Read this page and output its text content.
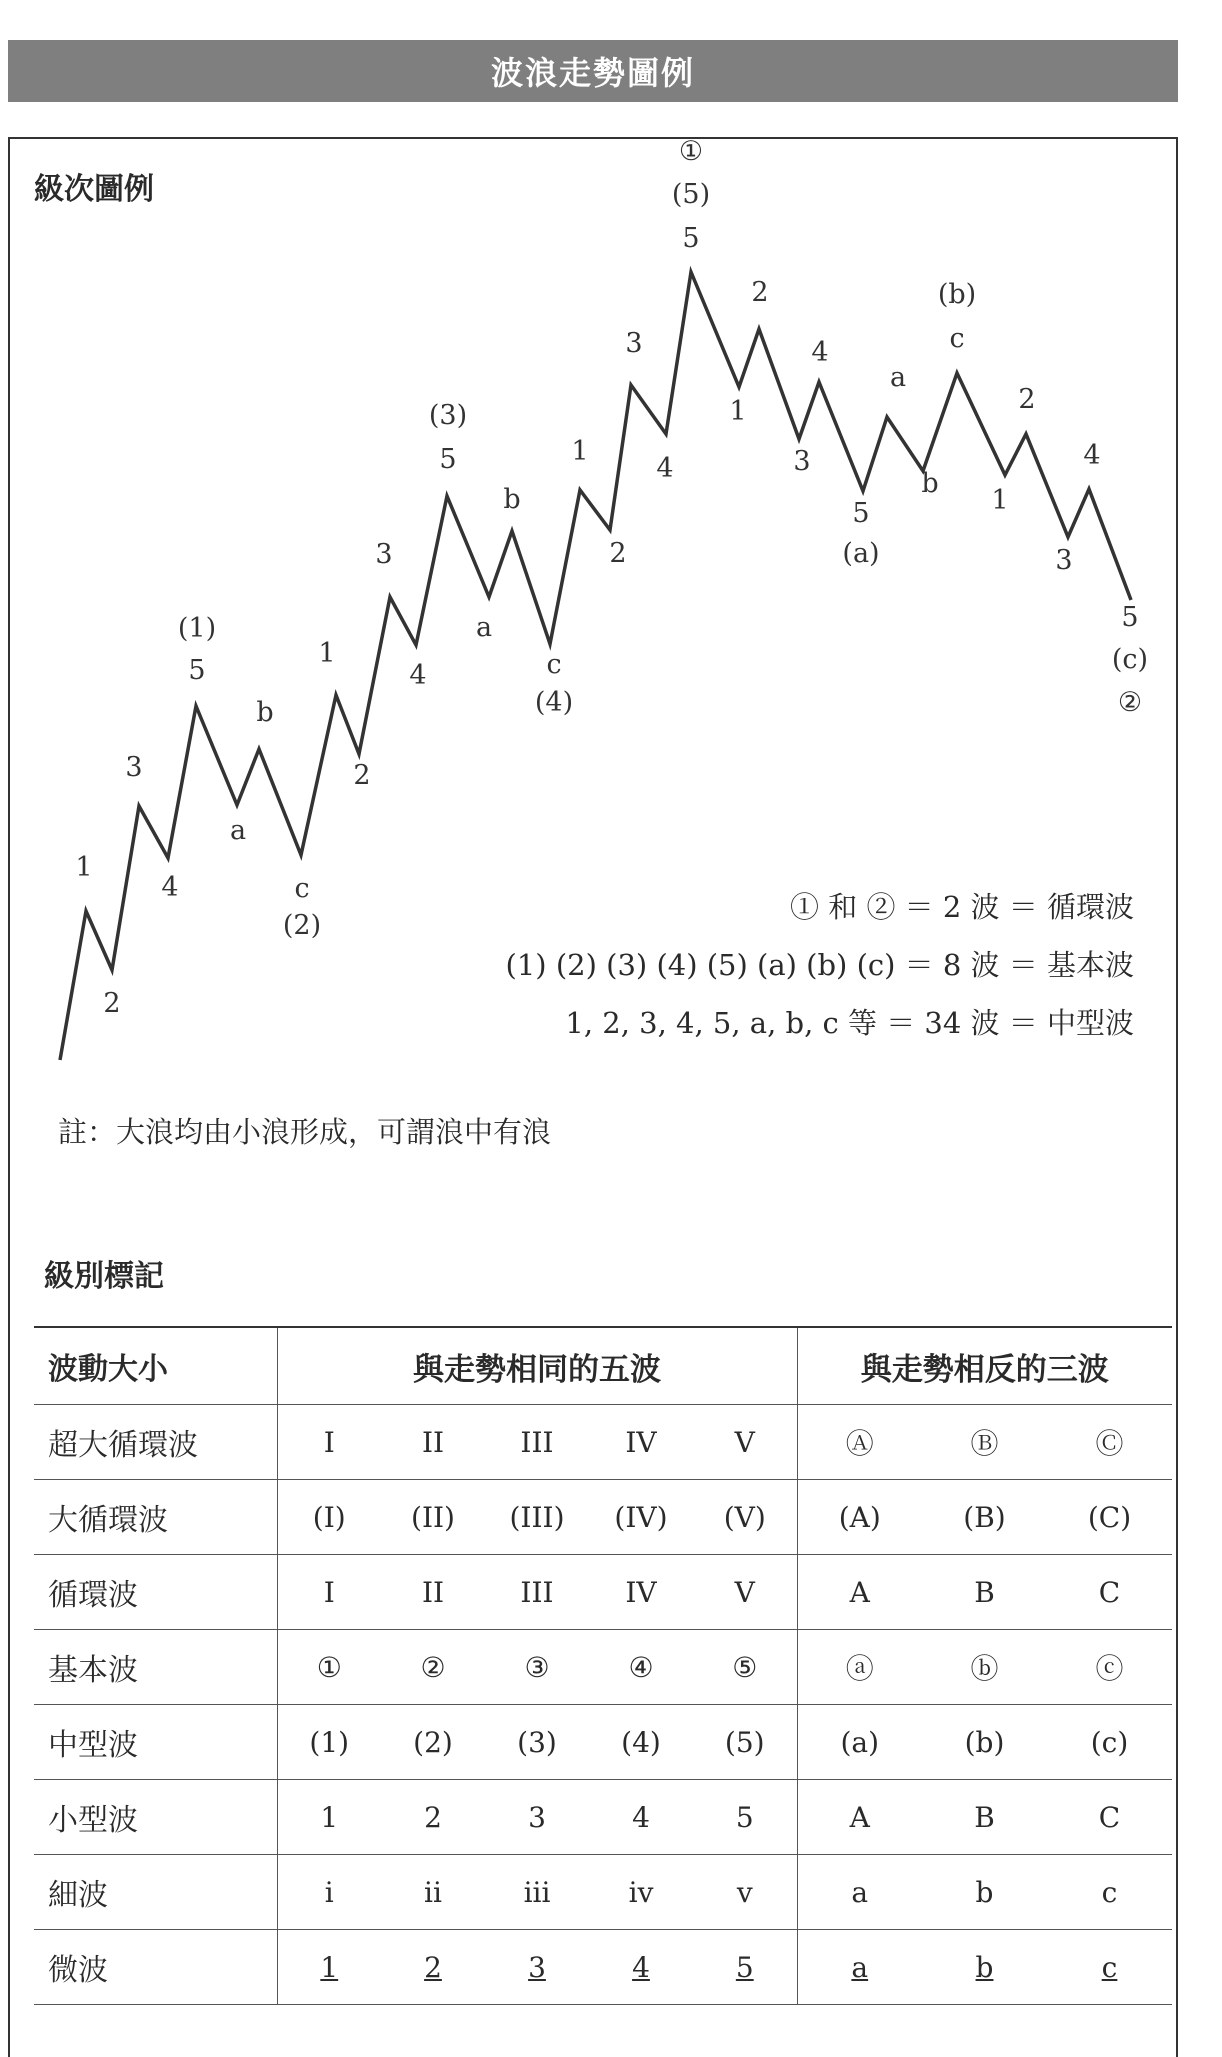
波浪走勢圖例
級次圖例
1
2
3
4
5
(1)
a
b
c
(2)
1
2
3
4
5
(3)
a
b
c
(4)
1
2
3
4
5
(5)
①
1
2
3
4
5
(a)
a
b
c
(b)
1
2
3
4
5
(c)
②
① 和 ② ＝ 2 波 ＝ 循環波
(1) (2) (3) (4) (5) (a) (b) (c) ＝ 8 波 ＝ 基本波
1, 2, 3, 4, 5, a, b, c 等 ＝ 34 波 ＝ 中型波
註：大浪均由小浪形成，可謂浪中有浪
級別標記
波動大小	與走勢相同的五波					與走勢相反的三波		
超大循環波	I	II	III	IV	V	Ⓐ	Ⓑ	Ⓒ
大循環波	(I)	(II)	(III)	(IV)	(V)	(A)	(B)	(C)
循環波	I	II	III	IV	V	A	B	C
基本波	①	②	③	④	⑤	ⓐ	ⓑ	ⓒ
中型波	(1)	(2)	(3)	(4)	(5)	(a)	(b)	(c)
小型波	1	2	3	4	5	A	B	C
細波	i	ii	iii	iv	v	a	b	c
微波	1	2	3	4	5	a	b	c
